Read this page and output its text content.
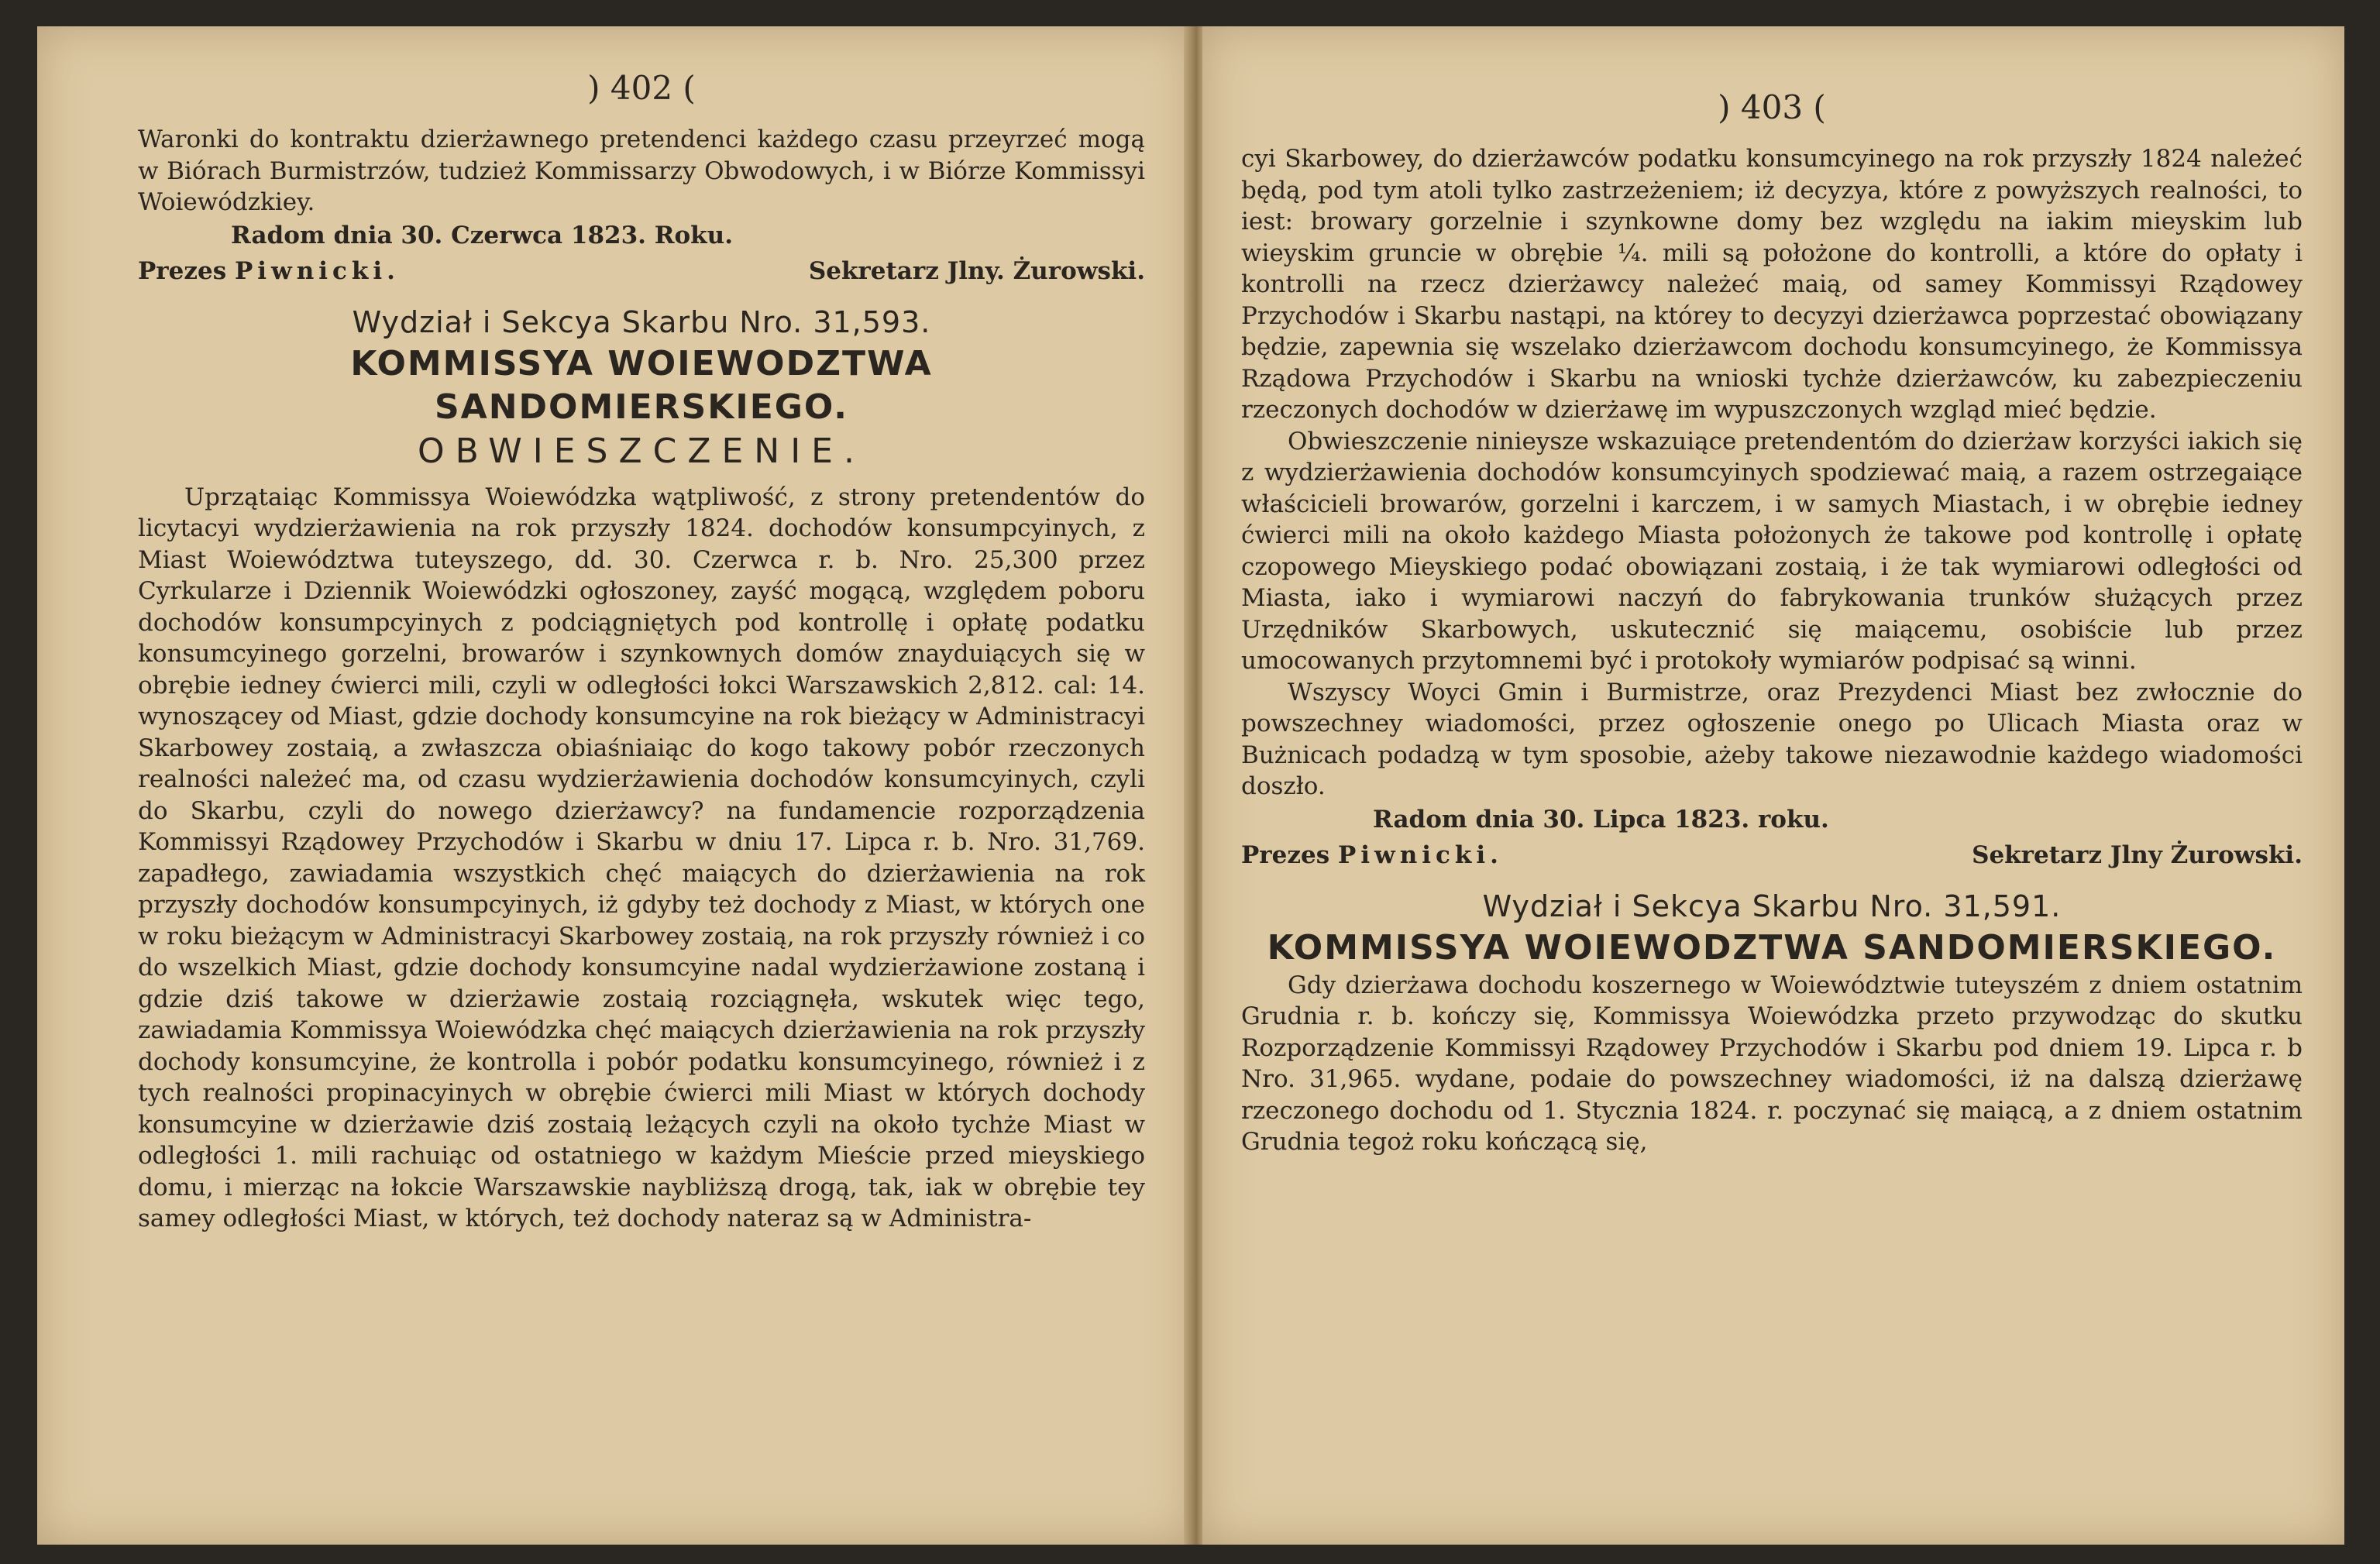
) 402 (

Waronki do kontraktu dzierżawnego pretendenci każdego czasu przeyrzeć mogą w Biórach Burmistrzów, tudzież Kommissarzy Obwodowych, i w Biórze Kommissyi Woiewódzkiey.

Radom dnia 30. Czerwca 1823. Roku.
Prezes Piwnicki.	Sekretarz Jlny. Żurowski.
Wydział i Sekcya Skarbu Nro. 31,593.
KOMMISSYA WOIEWODZTWA SANDOMIERSKIEGO.
OBWIESZCZENIE.

Uprzątaiąc Kommissya Woiewódzka wątpliwość, z strony pretendentów do licytacyi wydzierżawienia na rok przyszły 1824. dochodów konsumpcyinych, z Miast Woiewództwa tuteyszego, dd. 30. Czerwca r. b. Nro. 25,300 przez Cyrkularze i Dziennik Woiewódzki ogłoszoney, zayść mogącą, względem poboru dochodów konsumpcyinych z podciągniętych pod kontrollę i opłatę podatku konsumcyinego gorzelni, browarów i szynkownych domów znayduiących się w obrębie iedney ćwierci mili, czyli w odległości łokci Warszawskich 2,812. cal: 14. wynoszącey od Miast, gdzie dochody konsumcyine na rok bieżący w Administracyi Skarbowey zostaią, a zwłaszcza obiaśniaiąc do kogo takowy pobór rzeczonych realności należeć ma, od czasu wydzierżawienia dochodów konsumcyinych, czyli do Skarbu, czyli do nowego dzierżawcy? na fundamencie rozporządzenia Kommissyi Rządowey Przychodów i Skarbu w dniu 17. Lipca r. b. Nro. 31,769. zapadłego, zawiadamia wszystkich chęć maiących do dzierżawienia na rok przyszły dochodów konsumpcyinych, iż gdyby też dochody z Miast, w których one w roku bieżącym w Administracyi Skarbowey zostaią, na rok przyszły również i co do wszelkich Miast, gdzie dochody konsumcyine nadal wydzierżawione zostaną i gdzie dziś takowe w dzierżawie zostaią rozciągnęła, wskutek więc tego, zawiadamia Kommissya Woiewódzka chęć maiących dzierżawienia na rok przyszły dochody konsumcyine, że kontrolla i pobór podatku konsumcyinego, również i z tych realności propinacyinych w obrębie ćwierci mili Miast w których dochody konsumcyine w dzierżawie dziś zostaią leżących czyli na około tychże Miast w odległości 1. mili rachuiąc od ostatniego w każdym Mieście przed mieyskiego domu, i mierząc na łokcie Warszawskie naybliższą drogą, tak, iak w obrębie tey samey odległości Miast, w których, też dochody nateraz są w Administra-

) 403 (

cyi Skarbowey, do dzierżawców podatku konsumcyinego na rok przyszły 1824 należeć będą, pod tym atoli tylko zastrzeżeniem; iż decyzya, które z powyższych realności, to iest: browary gorzelnie i szynkowne domy bez względu na iakim mieyskim lub wieyskim gruncie w obrębie ¼. mili są położone do kontrolli, a które do opłaty i kontrolli na rzecz dzierżawcy należeć maią, od samey Kommissyi Rządowey Przychodów i Skarbu nastąpi, na którey to decyzyi dzierżawca poprzestać obowiązany będzie, zapewnia się wszelako dzierżawcom dochodu konsumcyinego, że Kommissya Rządowa Przychodów i Skarbu na wnioski tychże dzierżawców, ku zabezpieczeniu rzeczonych dochodów w dzierżawę im wypuszczonych wzgląd mieć będzie.

Obwieszczenie ninieysze wskazuiące pretendentóm do dzierżaw korzyści iakich się z wydzierżawienia dochodów konsumcyinych spodziewać maią, a razem ostrzegaiące właścicieli browarów, gorzelni i karczem, i w samych Miastach, i w obrębie iedney ćwierci mili na około każdego Miasta położonych że takowe pod kontrollę i opłatę czopowego Mieyskiego podać obowiązani zostaią, i że tak wymiarowi odległości od Miasta, iako i wymiarowi naczyń do fabrykowania trunków służących przez Urzędników Skarbowych, uskutecznić się maiącemu, osobiście lub przez umocowanych przytomnemi być i protokoły wymiarów podpisać są winni.

Wszyscy Woyci Gmin i Burmistrze, oraz Prezydenci Miast bez zwłocznie do powszechney wiadomości, przez ogłoszenie onego po Ulicach Miasta oraz w Bużnicach podadzą w tym sposobie, ażeby takowe niezawodnie każdego wiadomości doszło.

Radom dnia 30. Lipca 1823. roku.
Prezes Piwnicki.	Sekretarz Jlny Żurowski.
Wydział i Sekcya Skarbu Nro. 31,591.
KOMMISSYA WOIEWODZTWA SANDOMIERSKIEGO.

Gdy dzierżawa dochodu koszernego w Woiewództwie tuteyszém z dniem ostatnim Grudnia r. b. kończy się, Kommissya Woiewódzka przeto przywodząc do skutku Rozporządzenie Kommissyi Rządowey Przychodów i Skarbu pod dniem 19. Lipca r. b Nro. 31,965. wydane, podaie do powszechney wiadomości, iż na dalszą dzierżawę rzeczonego dochodu od 1. Stycznia 1824. r. poczynać się maiącą, a z dniem ostatnim Grudnia tegoż roku kończącą się,
